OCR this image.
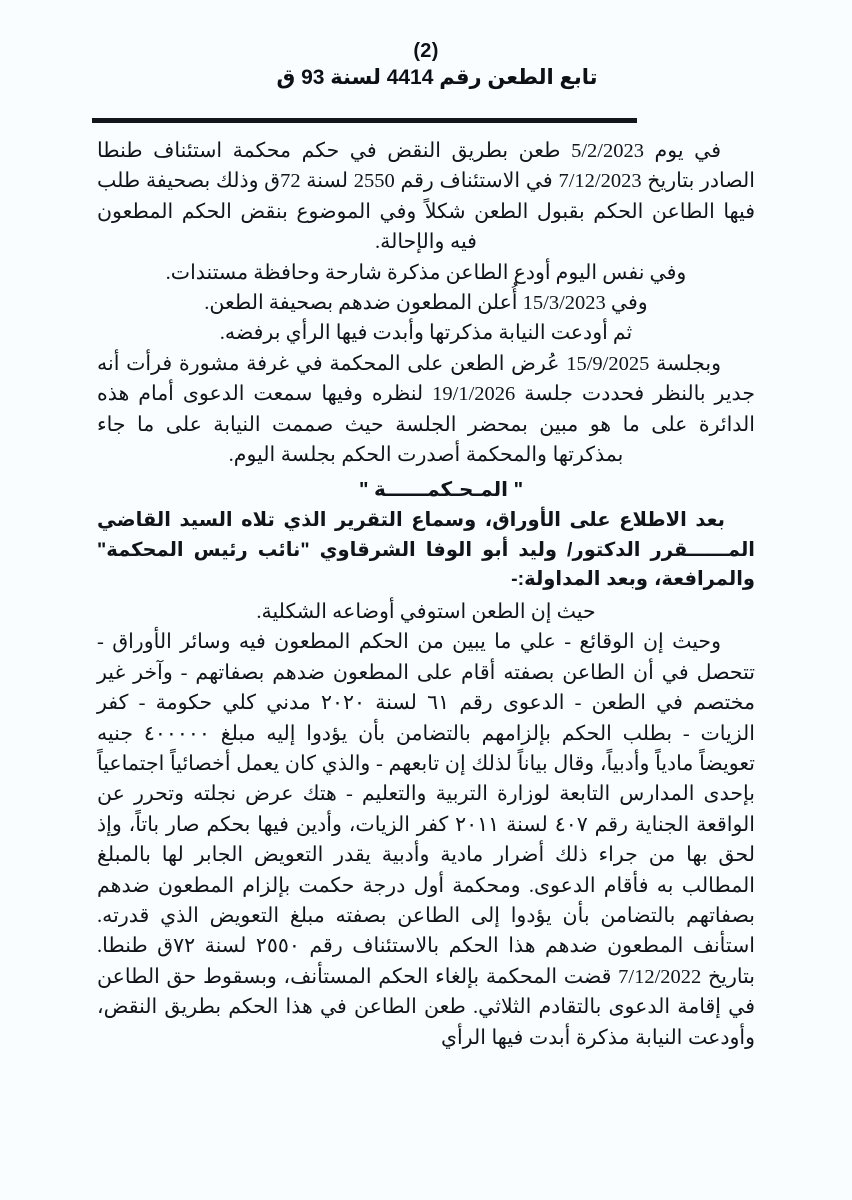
(2)
تابع الطعن رقم 4414 لسنة 93 ق

في يوم 5/2/2023 طعن بطريق النقض في حكم محكمة استئناف طنطا الصادر بتاريخ 7/12/2023 في الاستئناف رقم 2550 لسنة 72ق وذلك بصحيفة طلب فيها الطاعن الحكم بقبول الطعن شكلاً وفي الموضوع بنقض الحكم المطعون فيه والإحالة.

وفي نفس اليوم أودع الطاعن مذكرة شارحة وحافظة مستندات.

وفي 15/3/2023 أُعلن المطعون ضدهم بصحيفة الطعن.

ثم أودعت النيابة مذكرتها وأبدت فيها الرأي برفضه.

وبجلسة 15/9/2025 عُرض الطعن على المحكمة في غرفة مشورة فرأت أنه جدير بالنظر فحددت جلسة 19/1/2026 لنظره وفيها سمعت الدعوى أمام هذه الدائرة على ما هو مبين بمحضر الجلسة حيث صممت النيابة على ما جاء بمذكرتها والمحكمة أصدرت الحكم بجلسة اليوم.

" المـحـكمــــــة "

بعد الاطلاع على الأوراق، وسماع التقرير الذي تلاه السيد القاضي المــــــقرر الدكتور/ وليد أبو الوفا الشرقاوي "نائب رئيس المحكمة" والمرافعة، وبعد المداولة:-

حيث إن الطعن استوفي أوضاعه الشكلية.

وحيث إن الوقائع - علي ما يبين من الحكم المطعون فيه وسائر الأوراق - تتحصل في أن الطاعن بصفته أقام على المطعون ضدهم بصفاتهم - وآخر غير مختصم في الطعن - الدعوى رقم ٦١ لسنة ٢٠٢٠ مدني كلي حكومة - كفر الزيات - بطلب الحكم بإلزامهم بالتضامن بأن يؤدوا إليه مبلغ ٤٠٠٠٠٠ جنيه تعويضاً مادياً وأدبياً، وقال بياناً لذلك إن تابعهم - والذي كان يعمل أخصائياً اجتماعياً بإحدى المدارس التابعة لوزارة التربية والتعليم - هتك عرض نجلته وتحرر عن الواقعة الجناية رقم ٤٠٧ لسنة ٢٠١١ كفر الزيات، وأدين فيها بحكم صار باتاً، وإذ لحق بها من جراء ذلك أضرار مادية وأدبية يقدر التعويض الجابر لها بالمبلغ المطالب به فأقام الدعوى. ومحكمة أول درجة حكمت بإلزام المطعون ضدهم بصفاتهم بالتضامن بأن يؤدوا إلى الطاعن بصفته مبلغ التعويض الذي قدرته. استأنف المطعون ضدهم هذا الحكم بالاستئناف رقم ٢٥٥٠ لسنة ٧٢ق طنطا. بتاريخ 7/12/2022 قضت المحكمة بإلغاء الحكم المستأنف، وبسقوط حق الطاعن في إقامة الدعوى بالتقادم الثلاثي. طعن الطاعن في هذا الحكم بطريق النقض، وأودعت النيابة مذكرة أبدت فيها الرأي
